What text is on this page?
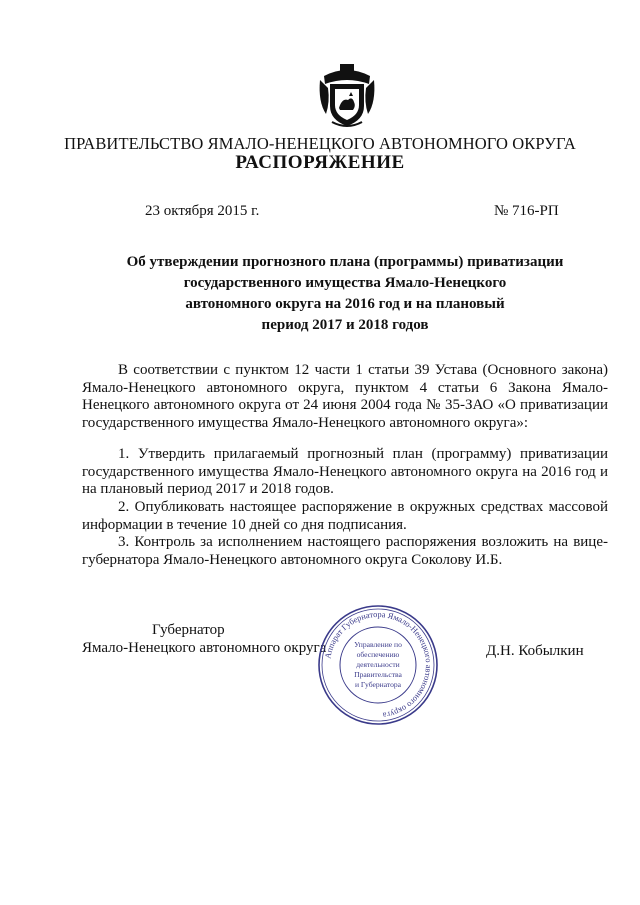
ПРАВИТЕЛЬСТВО ЯМАЛО-НЕНЕЦКОГО АВТОНОМНОГО ОКРУГА
РАСПОРЯЖЕНИЕ
23 октября 2015 г.	№ 716-РП
Об утверждении прогнозного плана (программы) приватизации
государственного имущества Ямало-Ненецкого
автономного округа на 2016 год и на плановый
период 2017 и 2018 годов
В соответствии с пунктом 12 части 1 статьи 39 Устава (Основного закона) Ямало-Ненецкого автономного округа, пунктом 4 статьи 6 Закона Ямало-Ненецкого автономного округа от 24 июня 2004 года № 35-ЗАО «О приватизации государственного имущества Ямало-Ненецкого автономного округа»:
1. Утвердить прилагаемый прогнозный план (программу) приватизации государственного имущества Ямало-Ненецкого автономного округа на 2016 год и на плановый период 2017 и 2018 годов.
2. Опубликовать настоящее распоряжение в окружных средствах массовой информации в течение 10 дней со дня подписания.
3. Контроль за исполнением настоящего распоряжения возложить на вице-губернатора Ямало-Ненецкого автономного округа Соколову И.Б.
Губернатор
Ямало-Ненецкого автономного округа	Д.Н. Кобылкин
Аппарат Губернатора Ямало-Ненецкого автономного округа
Управление по
обеспечению
деятельности
Правительства
и Губернатора
